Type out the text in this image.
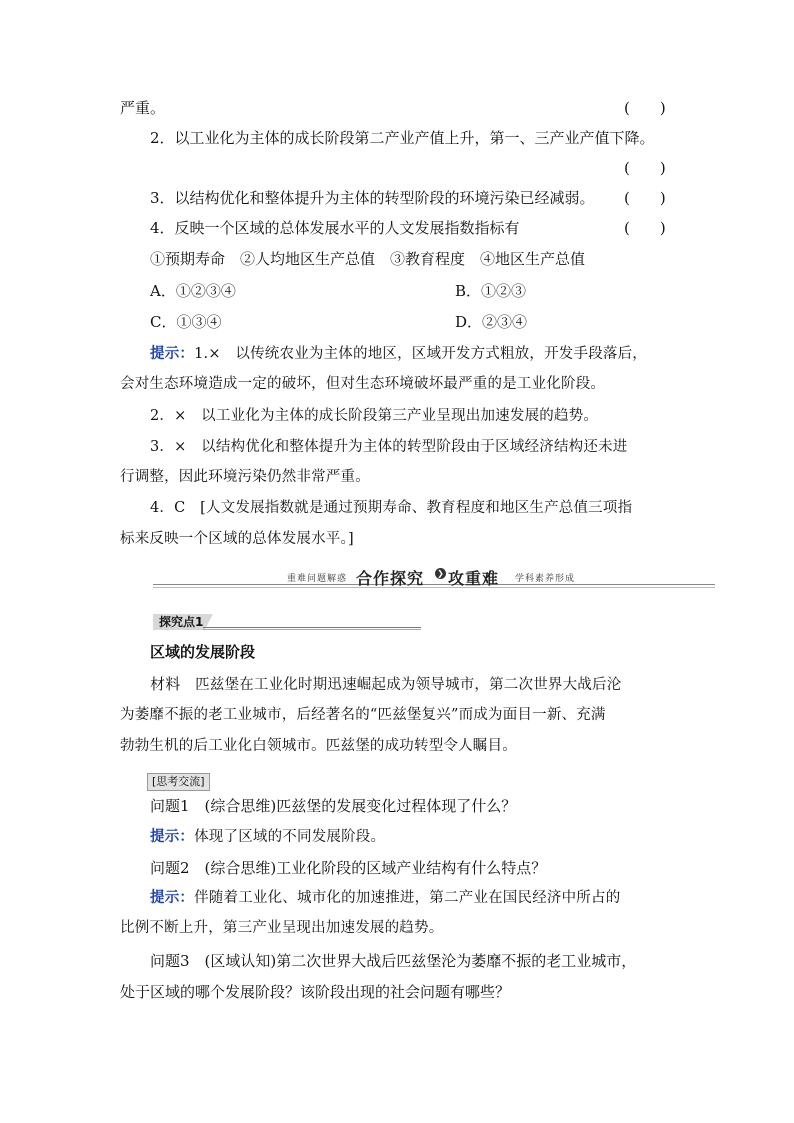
严重。	(　　)
2．以工业化为主体的成长阶段第二产业产值上升，第一、三产业产值下降。
(　　)
3．以结构优化和整体提升为主体的转型阶段的环境污染已经减弱。 (　　)
4．反映一个区域的总体发展水平的人文发展指数指标有	(　　)
①预期寿命　②人均地区生产总值　③教育程度　④地区生产总值
A．①②③④	B．①②③
C．①③④	D．②③④
提示：1.×　以传统农业为主体的地区，区域开发方式粗放，开发手段落后，
会对生态环境造成一定的破坏，但对生态环境破坏最严重的是工业化阶段。
2．×　以工业化为主体的成长阶段第三产业呈现出加速发展的趋势。
3．×　以结构优化和整体提升为主体的转型阶段由于区域经济结构还未进
行调整，因此环境污染仍然非常严重。
4．C　[人文发展指数就是通过预期寿命、教育程度和地区生产总值三项指
标来反映一个区域的总体发展水平。]
重难问题解惑 合作探究 ❯ 攻重难 学科素养形成
探究点1
区域的发展阶段
材料　匹兹堡在工业化时期迅速崛起成为领导城市，第二次世界大战后沦
为萎靡不振的老工业城市，后经著名的“匹兹堡复兴”而成为面目一新、充满
勃勃生机的后工业化白领城市。匹兹堡的成功转型令人瞩目。
[思考交流]
问题1　(综合思维)匹兹堡的发展变化过程体现了什么？
提示：体现了区域的不同发展阶段。
问题2　(综合思维)工业化阶段的区域产业结构有什么特点？
提示：伴随着工业化、城市化的加速推进，第二产业在国民经济中所占的
比例不断上升，第三产业呈现出加速发展的趋势。
问题3　(区域认知)第二次世界大战后匹兹堡沦为萎靡不振的老工业城市，
处于区域的哪个发展阶段？该阶段出现的社会问题有哪些？
